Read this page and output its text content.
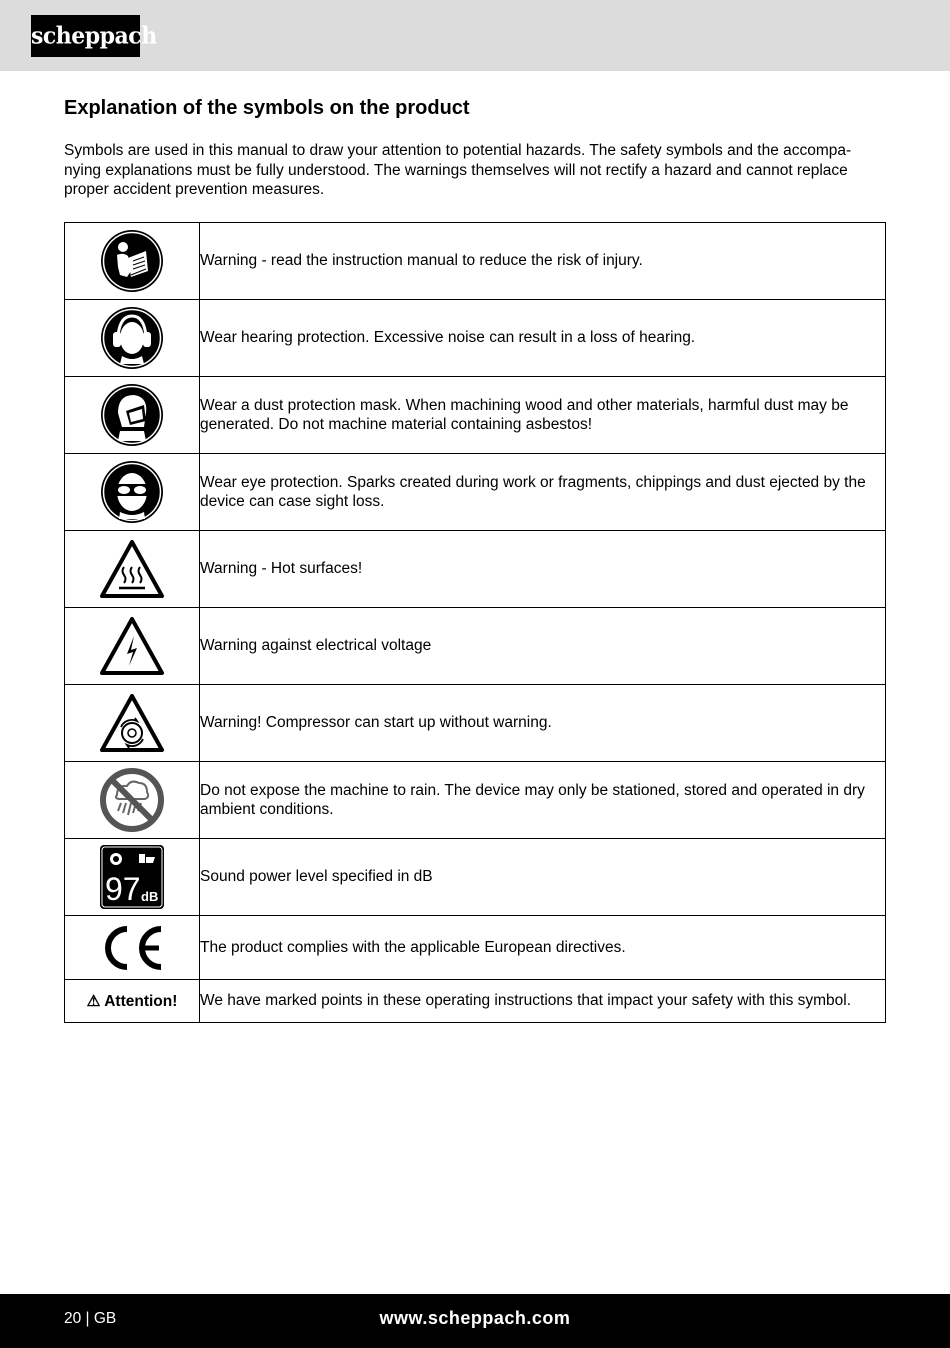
scheppach
Explanation of the symbols on the product

Symbols are used in this manual to draw your attention to potential hazards. The safety symbols and the accompa-nying explanations must be fully understood. The warnings themselves will not rectify a hazard and cannot replace proper accident prevention measures.

	Warning - read the instruction manual to reduce the risk of injury.

	Wear hearing protection. Excessive noise can result in a loss of hearing.

	Wear a dust protection mask. When machining wood and other materials, harmful dust may be generated. Do not machine material containing asbestos!

	Wear eye protection. Sparks created during work or fragments, chippings and dust ejected by the device can case sight loss.

	Warning - Hot surfaces!

	Warning against electrical voltage

	Warning! Compressor can start up without warning.

	Do not expose the machine to rain. The device may only be stationed, stored and operated in dry ambient conditions.

97 dB	Sound power level specified in dB

	The product complies with the applicable European directives.
⚠ Attention!	We have marked points in these operating instructions that impact your safety with this symbol.
20 | GB	www.scheppach.com
